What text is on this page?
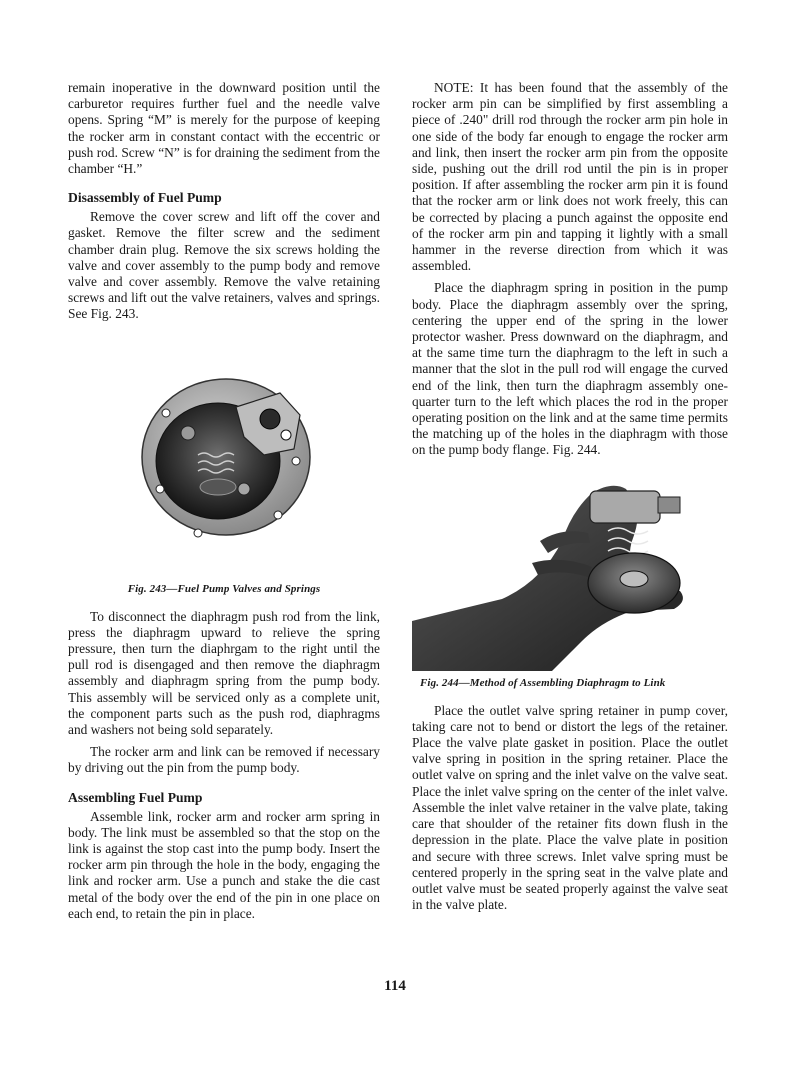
remain inoperative in the downward position until the carburetor requires further fuel and the needle valve opens. Spring “M” is merely for the purpose of keeping the rocker arm in constant contact with the eccentric or push rod. Screw “N” is for draining the sediment from the chamber “H.”

Disassembly of Fuel Pump

Remove the cover screw and lift off the cover and gasket. Remove the filter screw and the sediment chamber drain plug. Remove the six screws holding the valve and cover assembly to the pump body and remove valve and cover assembly. Remove the valve retaining screws and lift out the valve retainers, valves and springs. See Fig. 243.

Fig. 243—Fuel Pump Valves and Springs

To disconnect the diaphragm push rod from the link, press the diaphragm upward to relieve the spring pressure, then turn the diaphrgam to the right until the pull rod is disengaged and then remove the diaphragm assembly and diaphragm spring from the pump body. This assembly will be serviced only as a complete unit, the component parts such as the push rod, diaphragms and washers not being sold separately.

The rocker arm and link can be removed if necessary by driving out the pin from the pump body.

Assembling Fuel Pump

Assemble link, rocker arm and rocker arm spring in body. The link must be assembled so that the stop on the link is against the stop cast into the pump body. Insert the rocker arm pin through the hole in the body, engaging the link and rocker arm. Use a punch and stake the die cast metal of the body over the end of the pin in one place on each end, to retain the pin in place.

NOTE: It has been found that the assembly of the rocker arm pin can be simplified by first assembling a piece of .240" drill rod through the rocker arm pin hole in one side of the body far enough to engage the rocker arm and link, then insert the rocker arm pin from the opposite side, pushing out the drill rod until the pin is in proper position. If after assembling the rocker arm pin it is found that the rocker arm or link does not work freely, this can be corrected by placing a punch against the opposite end of the rocker arm pin and tapping it lightly with a small hammer in the reverse direction from which it was assembled.

Place the diaphragm spring in position in the pump body. Place the diaphragm assembly over the spring, centering the upper end of the spring in the lower protector washer. Press downward on the diaphragm, and at the same time turn the diaphragm to the left in such a manner that the slot in the pull rod will engage the curved end of the link, then turn the diaphragm assembly one-quarter turn to the left which places the rod in the proper operating position on the link and at the same time permits the matching up of the holes in the diaphragm with those on the pump body flange. Fig. 244.

Fig. 244—Method of Assembling Diaphragm to Link

Place the outlet valve spring retainer in pump cover, taking care not to bend or distort the legs of the retainer. Place the valve plate gasket in position. Place the outlet valve spring in position in the spring retainer. Place the outlet valve on spring and the inlet valve on the valve seat. Place the inlet valve spring on the center of the inlet valve. Assemble the inlet valve retainer in the valve plate, taking care that shoulder of the retainer fits down flush in the depression in the plate. Place the valve plate in position and secure with three screws. Inlet valve spring must be centered properly in the spring seat in the valve plate and outlet valve must be seated properly against the valve seat in the valve plate.

114
